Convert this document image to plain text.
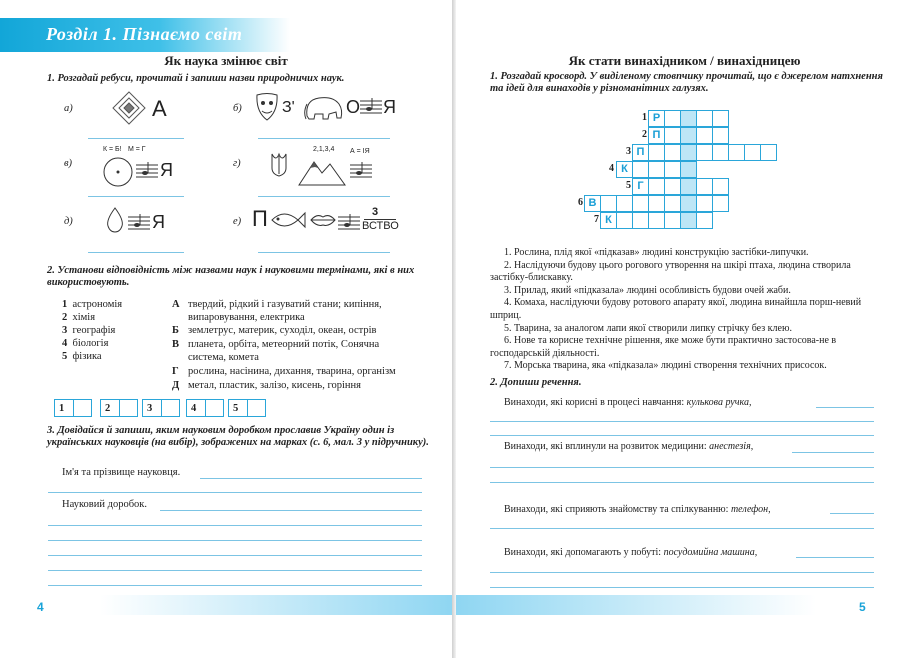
Розділ 1. Пізнаємо світ науки	Як наука змінює світ
1. Розгадай ребуси, прочитай і запиши назви природничих наук.
а)	А	б)	З'	О Я
в)
К = Б! М = Г
Я	г)
2,1,3,4 А = ІЯ
д)	Я	е) П	3
ВСТВО
2. Установи відповідність між назвами наук і науковими термінами, які в них використовують.
1 астрономія
2 хімія
3 географія
4 біологія
5 фізика
А твердий, рідкий і газуватий стани; кипіння, випаровування, електрика
Б землетрус, материк, суходіл, океан, острів
В планета, орбіта, метеорний потік, Сонячна система, комета
Г рослина, насінина, дихання, тварина, організм
Д метал, пластик, залізо, кисень, горіння
1	2	3	4	5
3. Довідайся й запиши, яким науковим доробком прославив Україну один із українських науковців (на вибір), зображених на марках (с. 6, мал. 3 у підручнику).
Ім'я та прізвище науковця.
Науковий доробок.
4
Як стати винахідником / винахідницею
1. Розгадай кросворд. У виділеному стовпчику прочитай, що є джерелом натхнення та ідей для винаходів у різноманітних галузях.
1 Р
2 П
3 П
4 К
5 Г
6 В
7 К
1. Рослина, плід якої «підказав» людині конструкцію застібки-липучки.
2. Наслідуючи будову цього рогового утворення на шкірі птаха, людина створила застібку-блискавку.
3. Прилад, який «підказала» людині особливість будови очей жаби.
4. Комаха, наслідуючи будову ротового апарату якої, людина винайшла порш-невий шприц.
5. Тварина, за аналогом лапи якої створили липку стрічку без клею.
6. Нове та корисне технічне рішення, яке може бути практично застосова-не в господарській діяльності.
7. Морська тварина, яка «підказала» людині створення технічних присосок.
2. Допиши речення.
Винаходи, які корисні в процесі навчання: кулькова ручка,
Винаходи, які вплинули на розвиток медицини: анестезія,
Винаходи, які сприяють знайомству та спілкуванню: телефон,
Винаходи, які допомагають у побуті: посудомийна машина,
5
